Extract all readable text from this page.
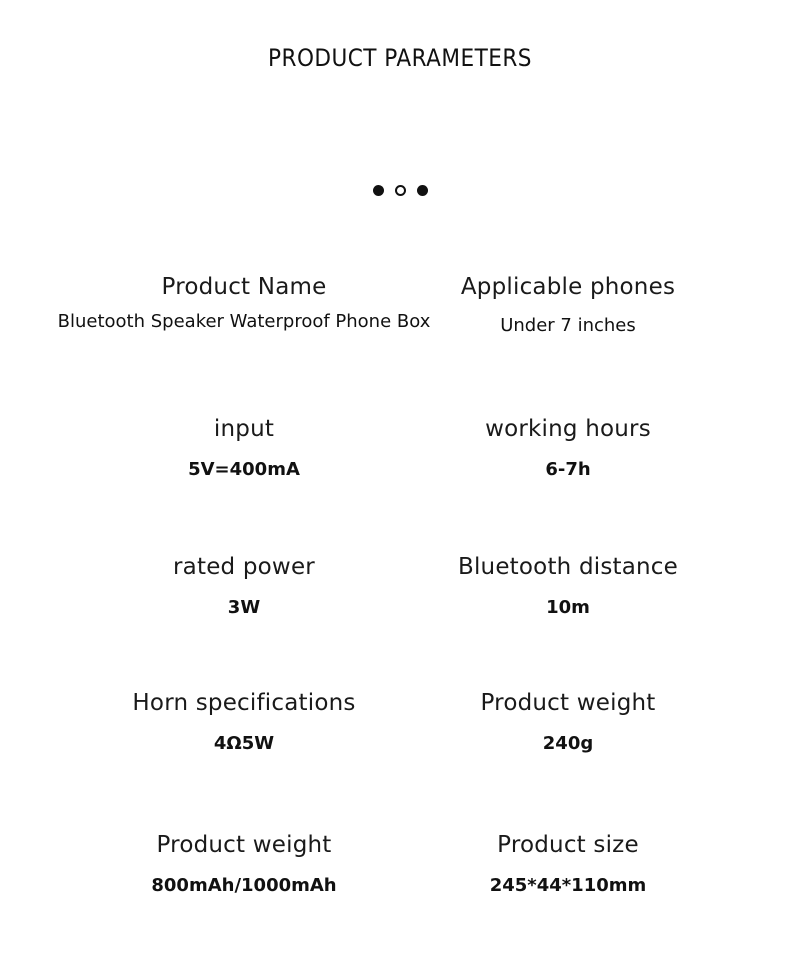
PRODUCT PARAMETERS
Product Name
Bluetooth Speaker Waterproof Phone Box
Applicable phones
Under 7 inches
input
5V=400mA
working hours
6-7h
rated power
3W
Bluetooth distance
10m
Horn specifications
4Ω5W
Product weight
240g
Product weight
800mAh/1000mAh
Product size
245*44*110mm
